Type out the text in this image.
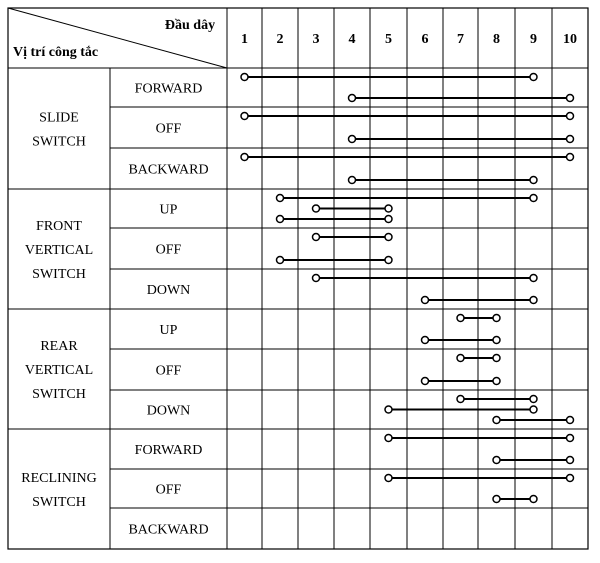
Đầu dây
Vị trí công tắc
1 2 3 4 5 6 7 8 9 10
SLIDE
SWITCH
FORWARD
OFF
BACKWARD
FRONT
VERTICAL
SWITCH
UP
OFF
DOWN
REAR
VERTICAL
SWITCH
UP
OFF
DOWN
RECLINING
SWITCH
FORWARD
OFF
BACKWARD
